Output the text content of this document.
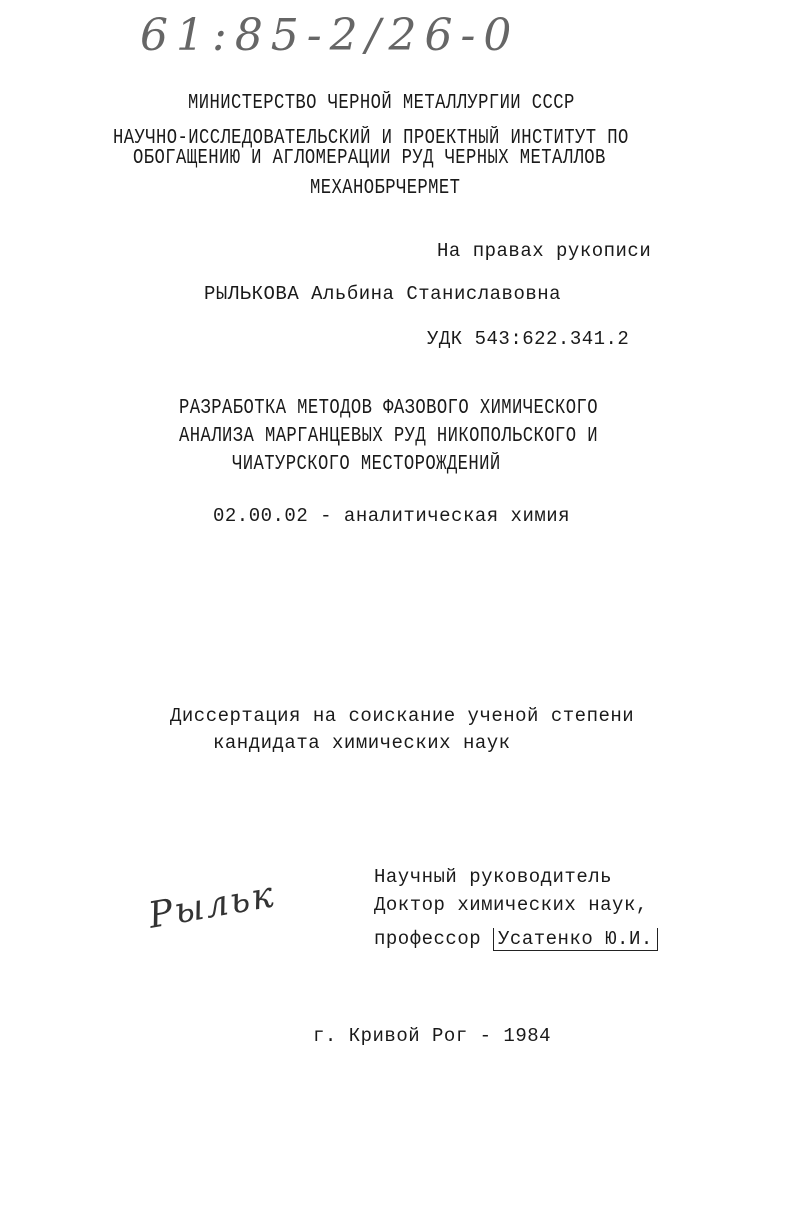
61:85-2/26-0
МИНИСТЕРСТВО ЧЕРНОЙ МЕТАЛЛУРГИИ СССР
НАУЧНО-ИССЛЕДОВАТЕЛЬСКИЙ И ПРОЕКТНЫЙ ИНСТИТУТ ПО
ОБОГАЩЕНИЮ И АГЛОМЕРАЦИИ РУД ЧЕРНЫХ МЕТАЛЛОВ
МЕХАНОБРЧЕРМЕТ
На правах рукописи
РЫЛЬКОВА Альбина Станиславовна
УДК 543:622.341.2
РАЗРАБОТКА МЕТОДОВ ФАЗОВОГО ХИМИЧЕСКОГО
АНАЛИЗА МАРГАНЦЕВЫХ РУД НИКОПОЛЬСКОГО И
ЧИАТУРСКОГО МЕСТОРОЖДЕНИЙ
02.00.02 - аналитическая химия
Диссертация на соискание ученой степени
кандидата химических наук
Научный руководитель
Доктор химических наук,
профессор Усатенко Ю.И.
Рыльк
г. Кривой Рог - 1984
